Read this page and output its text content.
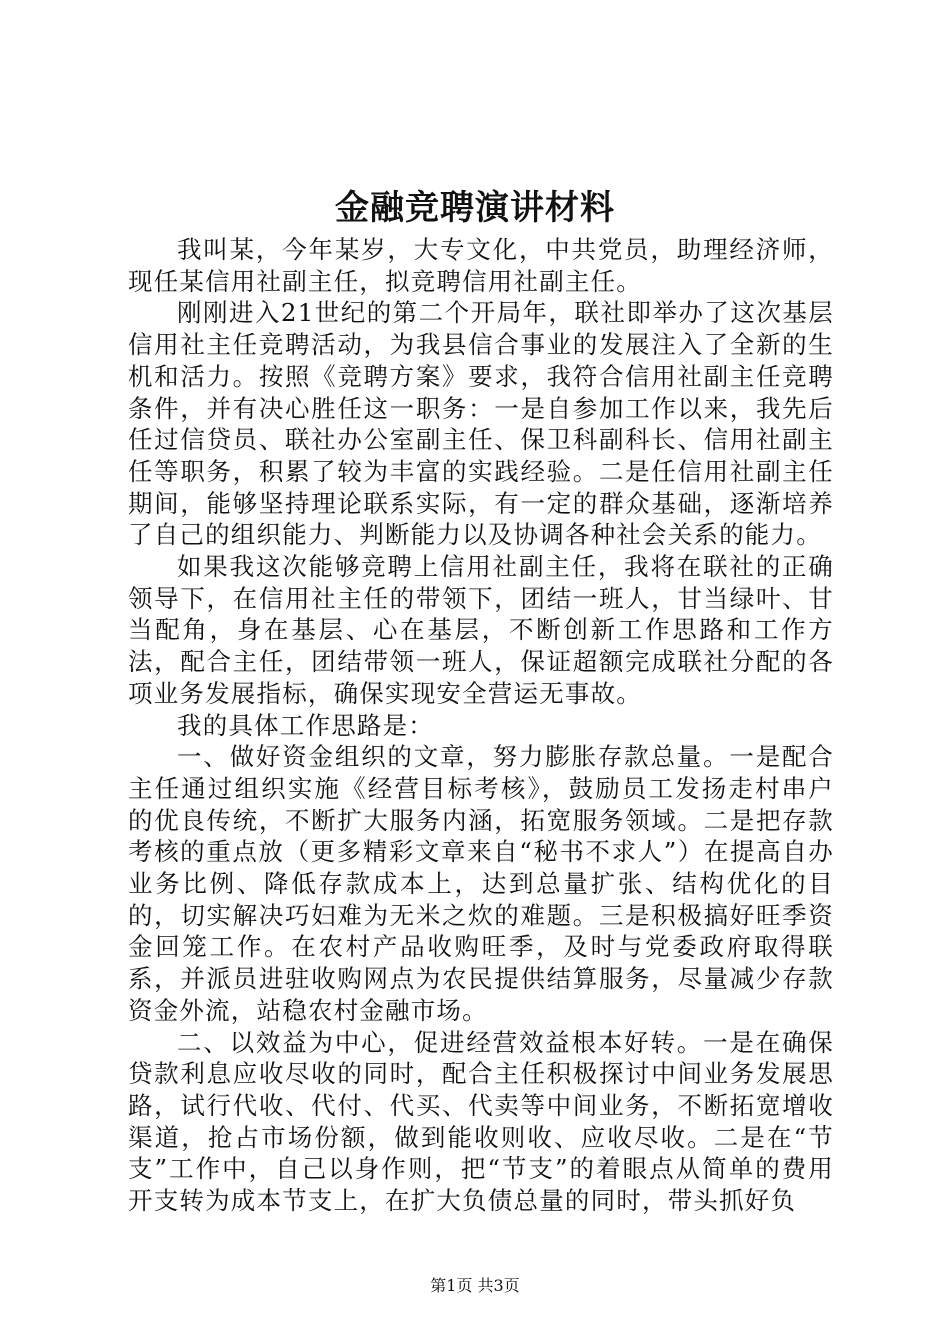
金融竞聘演讲材料

我叫某，今年某岁，大专文化，中共党员，助理经济师，现任某信用社副主任，拟竞聘信用社副主任。

刚刚进入21世纪的第二个开局年，联社即举办了这次基层信用社主任竞聘活动，为我县信合事业的发展注入了全新的生机和活力。按照《竞聘方案》要求，我符合信用社副主任竞聘条件，并有决心胜任这一职务：一是自参加工作以来，我先后任过信贷员、联社办公室副主任、保卫科副科长、信用社副主任等职务，积累了较为丰富的实践经验。二是任信用社副主任期间，能够坚持理论联系实际，有一定的群众基础，逐渐培养了自己的组织能力、判断能力以及协调各种社会关系的能力。

如果我这次能够竞聘上信用社副主任，我将在联社的正确领导下，在信用社主任的带领下，团结一班人，甘当绿叶、甘当配角，身在基层、心在基层，不断创新工作思路和工作方法，配合主任，团结带领一班人，保证超额完成联社分配的各项业务发展指标，确保实现安全营运无事故。

我的具体工作思路是：

一、做好资金组织的文章，努力膨胀存款总量。一是配合主任通过组织实施《经营目标考核》，鼓励员工发扬走村串户的优良传统，不断扩大服务内涵，拓宽服务领域。二是把存款考核的重点放（更多精彩文章来自“秘书不求人”）在提高自办业务比例、降低存款成本上，达到总量扩张、结构优化的目的，切实解决巧妇难为无米之炊的难题。三是积极搞好旺季资金回笼工作。在农村产品收购旺季，及时与党委政府取得联系，并派员进驻收购网点为农民提供结算服务，尽量减少存款资金外流，站稳农村金融市场。

二、以效益为中心，促进经营效益根本好转。一是在确保贷款利息应收尽收的同时，配合主任积极探讨中间业务发展思路，试行代收、代付、代买、代卖等中间业务，不断拓宽增收渠道，抢占市场份额，做到能收则收、应收尽收。二是在“节支”工作中，自己以身作则，把“节支”的着眼点从简单的费用开支转为成本节支上，在扩大负债总量的同时，带头抓好负

第1页 共3页
